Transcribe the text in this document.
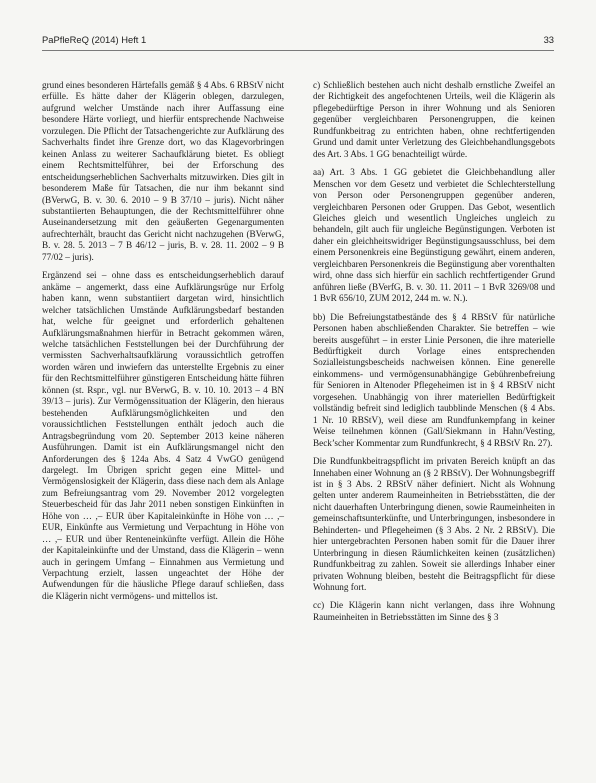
PaPfleReQ (2014) Heft 1	33

grund eines besonderen Härtefalls gemäß § 4 Abs. 6 RBStV nicht erfülle. Es hätte daher der Klägerin oblegen, darzulegen, aufgrund welcher Umstände nach ihrer Auffassung eine besondere Härte vorliegt, und hierfür entsprechende Nachweise vorzulegen. Die Pflicht der Tatsachengerichte zur Aufklärung des Sachverhalts findet ihre Grenze dort, wo das Klagevorbringen keinen Anlass zu weiterer Sachaufklärung bietet. Es obliegt einem Rechtsmittelführer, bei der Erforschung des entscheidungserheblichen Sachverhalts mitzuwirken. Dies gilt in besonderem Maße für Tatsachen, die nur ihm bekannt sind (BVerwG, B. v. 30. 6. 2010 – 9 B 37/10 – juris). Nicht näher substantiierten Behauptungen, die der Rechtsmittelführer ohne Auseinandersetzung mit den geäußerten Gegenargumenten aufrechterhält, braucht das Gericht nicht nachzugehen (BVerwG, B. v. 28. 5. 2013 – 7 B 46/12 – juris, B. v. 28. 11. 2002 – 9 B 77/02 – juris).

Ergänzend sei – ohne dass es entscheidungserheblich darauf ankäme – angemerkt, dass eine Aufklärungsrüge nur Erfolg haben kann, wenn substantiiert dargetan wird, hinsichtlich welcher tatsächlichen Umstände Aufklärungsbedarf bestanden hat, welche für geeignet und erforderlich gehaltenen Aufklärungsmaßnahmen hierfür in Betracht gekommen wären, welche tatsächlichen Feststellungen bei der Durchführung der vermissten Sachverhaltsaufklärung voraussichtlich getroffen worden wären und inwiefern das unterstellte Ergebnis zu einer für den Rechtsmittelführer günstigeren Entscheidung hätte führen können (st. Rspr., vgl. nur BVerwG, B. v. 10. 10. 2013 – 4 BN 39/13 – juris). Zur Vermögenssituation der Klägerin, den hieraus bestehenden Aufklärungsmöglichkeiten und den voraussichtlichen Feststellungen enthält jedoch auch die Antragsbegründung vom 20. September 2013 keine näheren Ausführungen. Damit ist ein Aufklärungsmangel nicht den Anforderungen des § 124a Abs. 4 Satz 4 VwGO genügend dargelegt. Im Übrigen spricht gegen eine Mittel- und Vermögenslosigkeit der Klägerin, dass diese nach dem als Anlage zum Befreiungsantrag vom 29. November 2012 vorgelegten Steuerbescheid für das Jahr 2011 neben sonstigen Einkünften in Höhe von … ,– EUR über Kapitaleinkünfte in Höhe von … ,– EUR, Einkünfte aus Vermietung und Verpachtung in Höhe von … ,– EUR und über Renteneinkünfte verfügt. Allein die Höhe der Kapitaleinkünfte und der Umstand, dass die Klägerin – wenn auch in geringem Umfang – Einnahmen aus Vermietung und Verpachtung erzielt, lassen ungeachtet der Höhe der Aufwendungen für die häusliche Pflege darauf schließen, dass die Klägerin nicht vermögens- und mittellos ist.

c) Schließlich bestehen auch nicht deshalb ernstliche Zweifel an der Richtigkeit des angefochtenen Urteils, weil die Klägerin als pflegebedürftige Person in ihrer Wohnung und als Senioren gegenüber vergleichbaren Personengruppen, die keinen Rundfunkbeitrag zu entrichten haben, ohne rechtfertigenden Grund und damit unter Verletzung des Gleichbehandlungsgebots des Art. 3 Abs. 1 GG benachteiligt würde.

aa) Art. 3 Abs. 1 GG gebietet die Gleichbehandlung aller Menschen vor dem Gesetz und verbietet die Schlechterstellung von Person oder Personengruppen gegenüber anderen, vergleichbaren Personen oder Gruppen. Das Gebot, wesentlich Gleiches gleich und wesentlich Ungleiches ungleich zu behandeln, gilt auch für ungleiche Begünstigungen. Verboten ist daher ein gleichheitswidriger Begünstigungsausschluss, bei dem einem Personenkreis eine Begünstigung gewährt, einem anderen, vergleichbaren Personenkreis die Begünstigung aber vorenthalten wird, ohne dass sich hierfür ein sachlich rechtfertigender Grund anführen ließe (BVerfG, B. v. 30. 11. 2011 – 1 BvR 3269/08 und 1 BvR 656/10, ZUM 2012, 244 m. w. N.).

bb) Die Befreiungstatbestände des § 4 RBStV für natürliche Personen haben abschließenden Charakter. Sie betreffen – wie bereits ausgeführt – in erster Linie Personen, die ihre materielle Bedürftigkeit durch Vorlage eines entsprechenden Sozialleistungsbescheids nachweisen können. Eine generelle einkommens- und vermögensunabhängige Gebührenbefreiung für Senioren in Altenoder Pflegeheimen ist in § 4 RBStV nicht vorgesehen. Unabhängig von ihrer materiellen Bedürftigkeit vollständig befreit sind lediglich taubblinde Menschen (§ 4 Abs. 1 Nr. 10 RBStV), weil diese am Rundfunkempfang in keiner Weise teilnehmen können (Gall/Siekmann in Hahn/Vesting, Beck’scher Kommentar zum Rundfunkrecht, § 4 RBStV Rn. 27).

Die Rundfunkbeitragspflicht im privaten Bereich knüpft an das Innehaben einer Wohnung an (§ 2 RBStV). Der Wohnungsbegriff ist in § 3 Abs. 2 RBStV näher definiert. Nicht als Wohnung gelten unter anderem Raumeinheiten in Betriebsstätten, die der nicht dauerhaften Unterbringung dienen, sowie Raumeinheiten in gemeinschaftsunterkünfte, und Unterbringungen, insbesondere in Behinderten- und Pflegeheimen (§ 3 Abs. 2 Nr. 2 RBStV). Die hier untergebrachten Personen haben somit für die Dauer ihrer Unterbringung in diesen Räumlichkeiten keinen (zusätzlichen) Rundfunkbeitrag zu zahlen. Soweit sie allerdings Inhaber einer privaten Wohnung bleiben, besteht die Beitragspflicht für diese Wohnung fort.

cc) Die Klägerin kann nicht verlangen, dass ihre Wohnung Raumeinheiten in Betriebsstätten im Sinne des § 3
